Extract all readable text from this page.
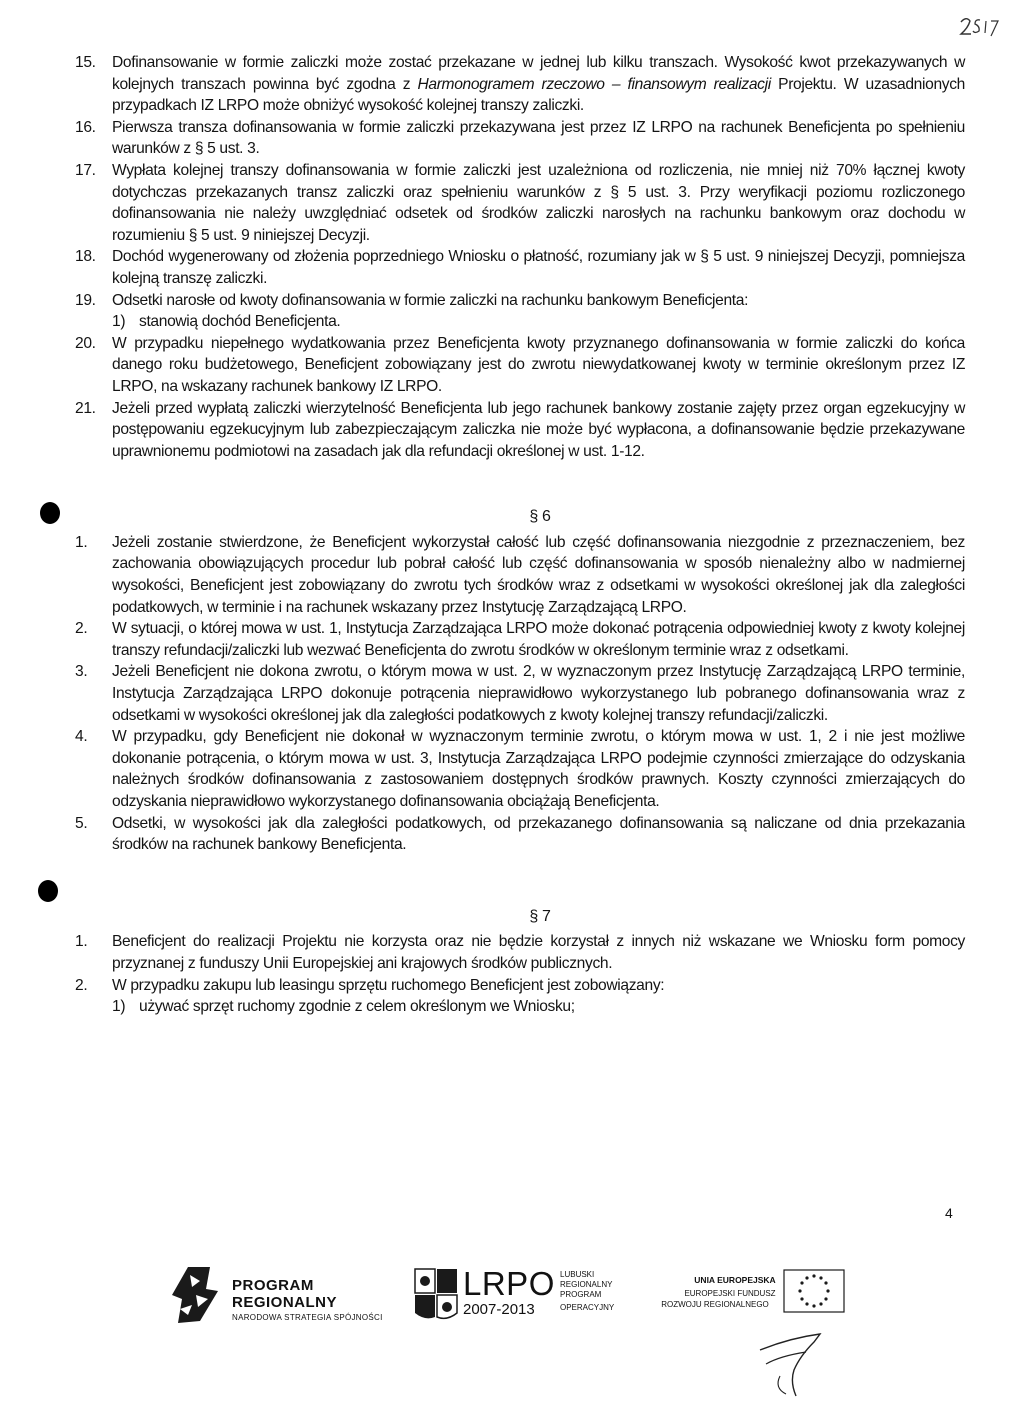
15.	Dofinansowanie w formie zaliczki może zostać przekazane w jednej lub kilku transzach. Wysokość kwot przekazywanych w kolejnych transzach powinna być zgodna z Harmonogramem rzeczowo – finansowym realizacji Projektu. W uzasadnionych przypadkach IZ LRPO może obniżyć wysokość kolejnej transzy zaliczki.
16.	Pierwsza transza dofinansowania w formie zaliczki przekazywana jest przez IZ LRPO na rachunek Beneficjenta po spełnieniu warunków z § 5 ust. 3.
17.	Wypłata kolejnej transzy dofinansowania w formie zaliczki jest uzależniona od rozliczenia, nie mniej niż 70% łącznej kwoty dotychczas przekazanych transz zaliczki oraz spełnieniu warunków z § 5 ust. 3. Przy weryfikacji poziomu rozliczonego dofinansowania nie należy uwzględniać odsetek od środków zaliczki narosłych na rachunku bankowym oraz dochodu w rozumieniu § 5 ust. 9 niniejszej Decyzji.
18.	Dochód wygenerowany od złożenia poprzedniego Wniosku o płatność, rozumiany jak w § 5 ust. 9 niniejszej Decyzji, pomniejsza kolejną transzę zaliczki.
19.	Odsetki narosłe od kwoty dofinansowania w formie zaliczki na rachunku bankowym Beneficjenta:
1) stanowią dochód Beneficjenta.
20.	W przypadku niepełnego wydatkowania przez Beneficjenta kwoty przyznanego dofinansowania w formie zaliczki do końca danego roku budżetowego, Beneficjent zobowiązany jest do zwrotu niewydatkowanej kwoty w terminie określonym przez IZ LRPO, na wskazany rachunek bankowy IZ LRPO.
21.	Jeżeli przed wypłatą zaliczki wierzytelność Beneficjenta lub jego rachunek bankowy zostanie zajęty przez organ egzekucyjny w postępowaniu egzekucyjnym lub zabezpieczającym zaliczka nie może być wypłacona, a dofinansowanie będzie przekazywane uprawnionemu podmiotowi na zasadach jak dla refundacji określonej w ust. 1-12.
§ 6
1.	Jeżeli zostanie stwierdzone, że Beneficjent wykorzystał całość lub część dofinansowania niezgodnie z przeznaczeniem, bez zachowania obowiązujących procedur lub pobrał całość lub część dofinansowania w sposób nienależny albo w nadmiernej wysokości, Beneficjent jest zobowiązany do zwrotu tych środków wraz z odsetkami w wysokości określonej jak dla zaległości podatkowych, w terminie i na rachunek wskazany przez Instytucję Zarządzającą LRPO.
2.	W sytuacji, o której mowa w ust. 1, Instytucja Zarządzająca LRPO może dokonać potrącenia odpowiedniej kwoty z kwoty kolejnej transzy refundacji/zaliczki lub wezwać Beneficjenta do zwrotu środków w określonym terminie wraz z odsetkami.
3.	Jeżeli Beneficjent nie dokona zwrotu, o którym mowa w ust. 2, w wyznaczonym przez Instytucję Zarządzającą LRPO terminie, Instytucja Zarządzająca LRPO dokonuje potrącenia nieprawidłowo wykorzystanego lub pobranego dofinansowania wraz z odsetkami w wysokości określonej jak dla zaległości podatkowych z kwoty kolejnej transzy refundacji/zaliczki.
4.	W przypadku, gdy Beneficjent nie dokonał w wyznaczonym terminie zwrotu, o którym mowa w ust. 1, 2 i nie jest możliwe dokonanie potrącenia, o którym mowa w ust. 3, Instytucja Zarządzająca LRPO podejmie czynności zmierzające do odzyskania należnych środków dofinansowania z zastosowaniem dostępnych środków prawnych. Koszty czynności zmierzających do odzyskania nieprawidłowo wykorzystanego dofinansowania obciążają Beneficjenta.
5.	Odsetki, w wysokości jak dla zaległości podatkowych, od przekazanego dofinansowania są naliczane od dnia przekazania środków na rachunek bankowy Beneficjenta.
§ 7
1.	Beneficjent do realizacji Projektu nie korzysta oraz nie będzie korzystał z innych niż wskazane we Wniosku form pomocy przyznanej z funduszy Unii Europejskiej ani krajowych środków publicznych.
2.	W przypadku zakupu lub leasingu sprzętu ruchomego Beneficjent jest zobowiązany:
1) używać sprzęt ruchomy zgodnie z celem określonym we Wniosku;
4
PROGRAM
REGIONALNY
NARODOWA STRATEGIA SPÓJNOŚCI
LRPO
2007-2013
LUBUSKI
REGIONALNY
PROGRAM
OPERACYJNY
UNIA EUROPEJSKA
EUROPEJSKI FUNDUSZ
ROZWOJU REGIONALNEGO
